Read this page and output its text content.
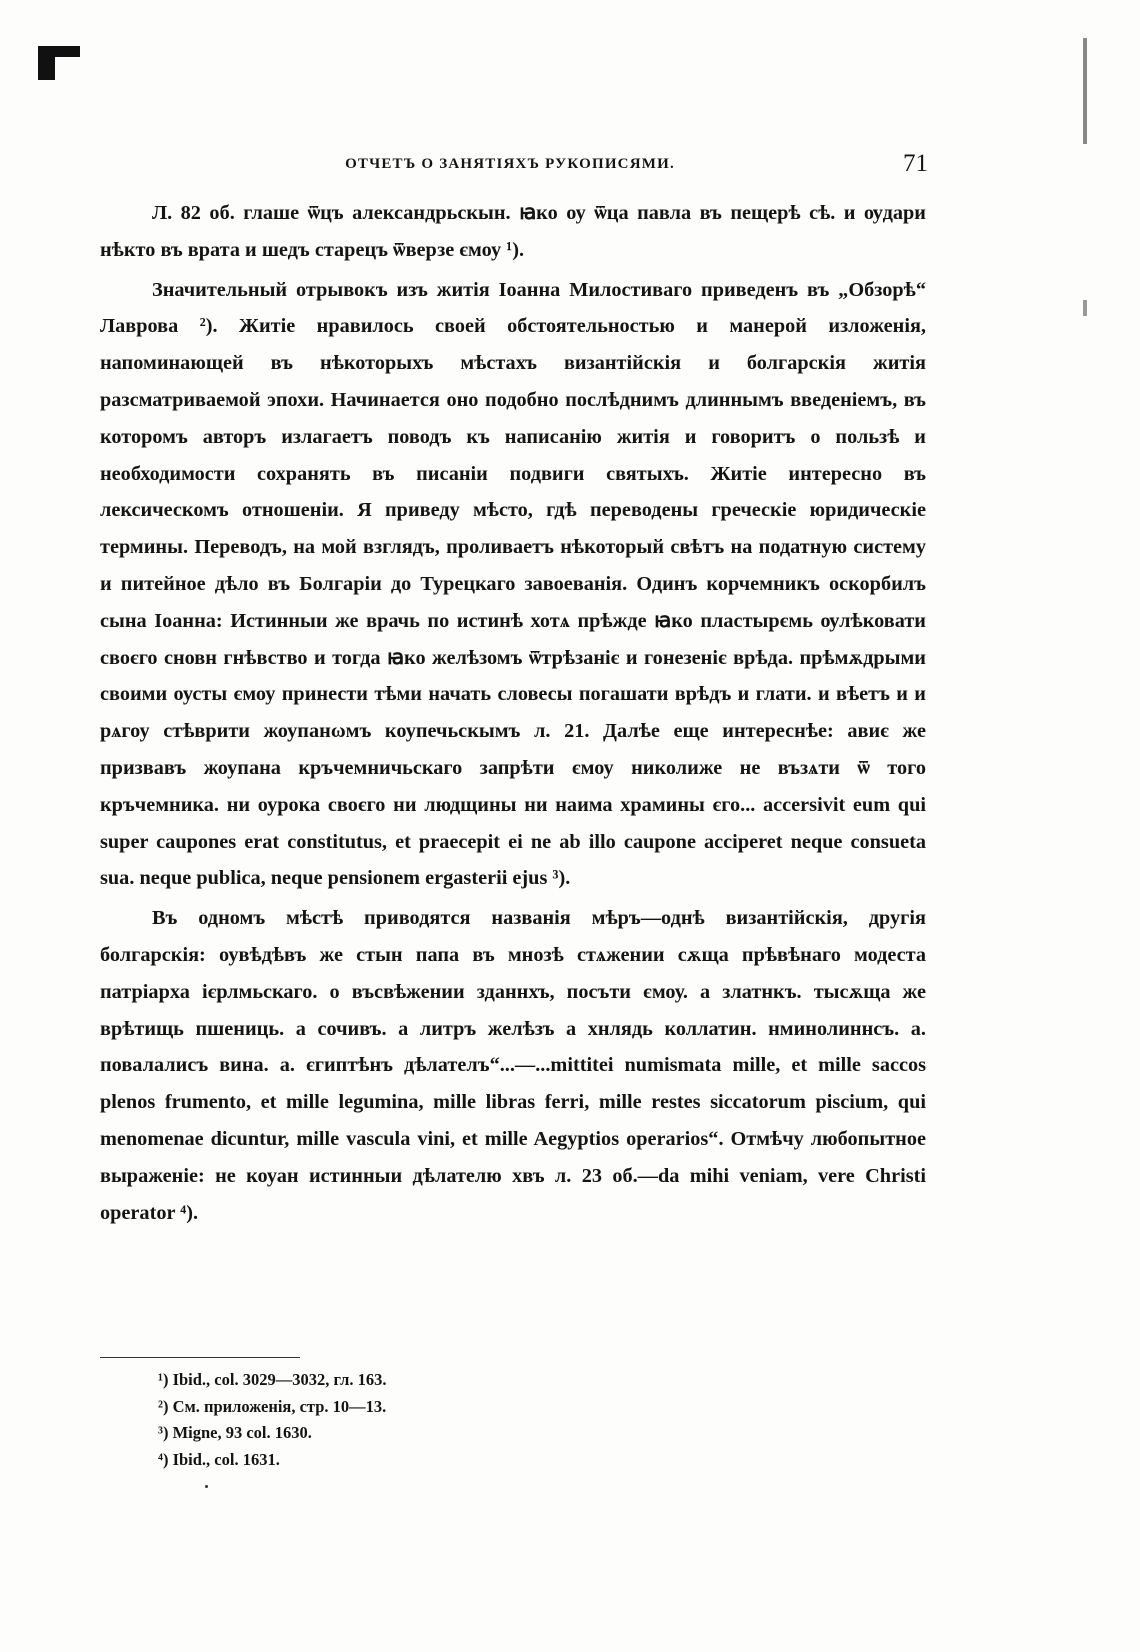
ОТЧЕТЪ О ЗАНЯТІЯХЪ РУКОПИСЯМИ.	71

Л. 82 об. глаше ѿцъ александрьскын. ꙗко оу ѿца павла въ пещерѣ сѣ. и ѹдари нѣкто въ врата и шедъ старецъ ѿверзе ємоу ¹).

Значительный отрывокъ изъ житія Іоанна Милостиваго приведенъ въ „Обзорѣ“ Лаврова ²). Житіе нравилось своей обстоятельностью и манерой изложенія, напоминающей въ нѣкоторыхъ мѣстахъ византійскія и болгарскія житія разсматриваемой эпохи. Начинается оно подобно послѣднимъ длиннымъ введеніемъ, въ которомъ авторъ излагаетъ поводъ къ написанію житія и говоритъ о пользѣ и необходимости сохранять въ писаніи подвиги святыхъ. Житіе интересно въ лексическомъ отношеніи. Я приведу мѣсто, гдѣ переводены греческіе юридическіе термины. Переводъ, на мой взглядъ, проливаетъ нѣкоторый свѣтъ на податную систему и питейное дѣло въ Болгаріи до Турецкаго завоеванія. Одинъ корчемникъ оскорбилъ сына Іоанна: Истинныи же врачь по истинѣ хотѧ прѣжде ꙗко пластырємь ѹлѣковати своєго сновн гнѣвство и тогда ꙗко желѣзомъ ѿтрѣзаніє и гонезеніє врѣда. прѣмѫдрыми своими оусты ємоу принести тѣми начать словесы погашати врѣдъ и глати. и вѣетъ и и рѧгоу стѣврити жоупанωмъ коупечьскымъ л. 21. Далѣе еще интереснѣе: авиє же призвавъ жоупана кръчемничьскаго запрѣти ємоу николиже не възѧти ѿ того кръчемника. ни оурока своєго ни людщины ни наима храмины єго... accersivit eum qui super caupones erat constitutus, et praecepit ei ne ab illo caupone acciperet neque consueta sua. neque publica, neque pensionem ergasterii ejus ³).

Въ одномъ мѣстѣ приводятся названія мѣръ—однѣ византійскія, другія болгарскія: оувѣдѣвъ же стын папа въ мнозѣ стѧжении сѫща прѣвѣнаго модеста патріарха ієрлмьскаго. о въсвѣжении зданнхъ, посъти ємоу. а златнкъ. тысѫща же врѣтищь пшениць. а сочивъ. а литръ желѣзъ а хнлядь коллатин. нминолиннсъ. а. повалалисъ вина. а. єгиптѣнъ дѣлателъ“...—...mittitei numismata mille, et mille saccos plenos frumento, et mille legumina, mille libras ferri, mille restes siccatorum piscium, qui menomenae dicuntur, mille vascula vini, et mille Aegyptios operarios“. Отмѣчу любопытное выраженіе: не коуан истинныи дѣлателю хвъ л. 23 об.—da mihi veniam, vere Christi operator ⁴).

¹) Ibid., col. 3029—3032, гл. 163.

²) См. приложенія, стр. 10—13.

³) Migne, 93 col. 1630.

⁴) Ibid., col. 1631.
